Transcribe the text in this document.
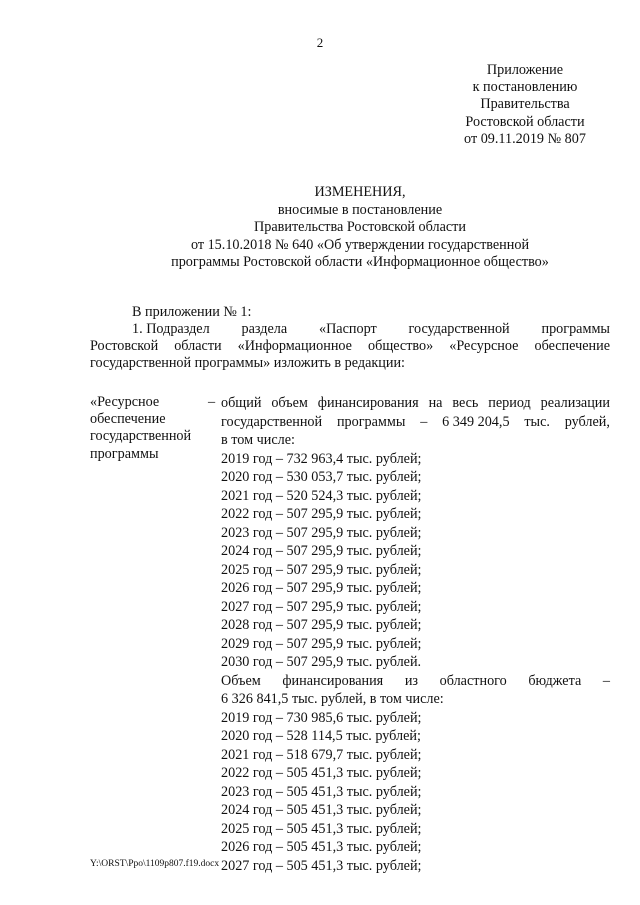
2
Приложение
к постановлению
Правительства
Ростовской области
от 09.11.2019 № 807
ИЗМЕНЕНИЯ,
вносимые в постановление
Правительства Ростовской области
от 15.10.2018 № 640 «Об утверждении государственной
программы Ростовской области «Информационное общество»
В приложении № 1:
1. Подраздел раздела «Паспорт государственной программы
Ростовской области «Информационное общество» «Ресурсное обеспечение
государственной программы» изложить в редакции:
«Ресурсное
обеспечение
государственной
программы
– общий объем финансирования на весь период реализации
государственной программы – 6 349 204,5 тыс. рублей,
в том числе:
2019 год – 732 963,4 тыс. рублей;
2020 год – 530 053,7 тыс. рублей;
2021 год – 520 524,3 тыс. рублей;
2022 год – 507 295,9 тыс. рублей;
2023 год – 507 295,9 тыс. рублей;
2024 год – 507 295,9 тыс. рублей;
2025 год – 507 295,9 тыс. рублей;
2026 год – 507 295,9 тыс. рублей;
2027 год – 507 295,9 тыс. рублей;
2028 год – 507 295,9 тыс. рублей;
2029 год – 507 295,9 тыс. рублей;
2030 год – 507 295,9 тыс. рублей.
Объем финансирования из областного бюджета –
6 326 841,5 тыс. рублей, в том числе:
2019 год – 730 985,6 тыс. рублей;
2020 год – 528 114,5 тыс. рублей;
2021 год – 518 679,7 тыс. рублей;
2022 год – 505 451,3 тыс. рублей;
2023 год – 505 451,3 тыс. рублей;
2024 год – 505 451,3 тыс. рублей;
2025 год – 505 451,3 тыс. рублей;
2026 год – 505 451,3 тыс. рублей;
2027 год – 505 451,3 тыс. рублей;
Y:\ORST\Ppo\1109p807.f19.docx
